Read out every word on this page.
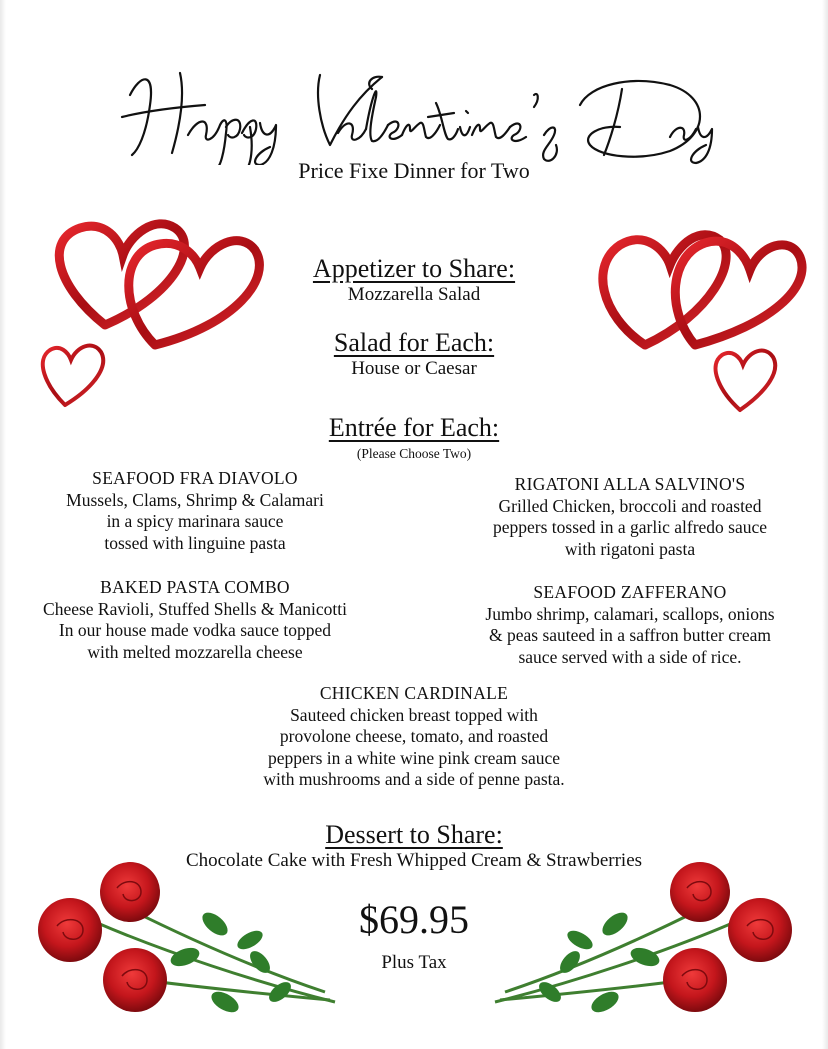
Price Fixe Dinner for Two
Appetizer to Share:
Mozzarella Salad
Salad for Each:
House or Caesar
Entrée for Each:
(Please Choose Two)
SEAFOOD FRA DIAVOLO
Mussels, Clams, Shrimp & Calamari
in a spicy marinara sauce
tossed with linguine pasta
RIGATONI ALLA SALVINO'S
Grilled Chicken, broccoli and roasted
peppers tossed in a garlic alfredo sauce
with rigatoni pasta
BAKED PASTA COMBO
Cheese Ravioli, Stuffed Shells & Manicotti
In our house made vodka sauce topped
with melted mozzarella cheese
SEAFOOD ZAFFERANO
Jumbo shrimp, calamari, scallops, onions
& peas sauteed in a saffron butter cream
sauce served with a side of rice.
CHICKEN CARDINALE
Sauteed chicken breast topped with
provolone cheese, tomato, and roasted
peppers in a white wine pink cream sauce
with mushrooms and a side of penne pasta.
Dessert to Share:
Chocolate Cake with Fresh Whipped Cream & Strawberries
$69.95
Plus Tax
